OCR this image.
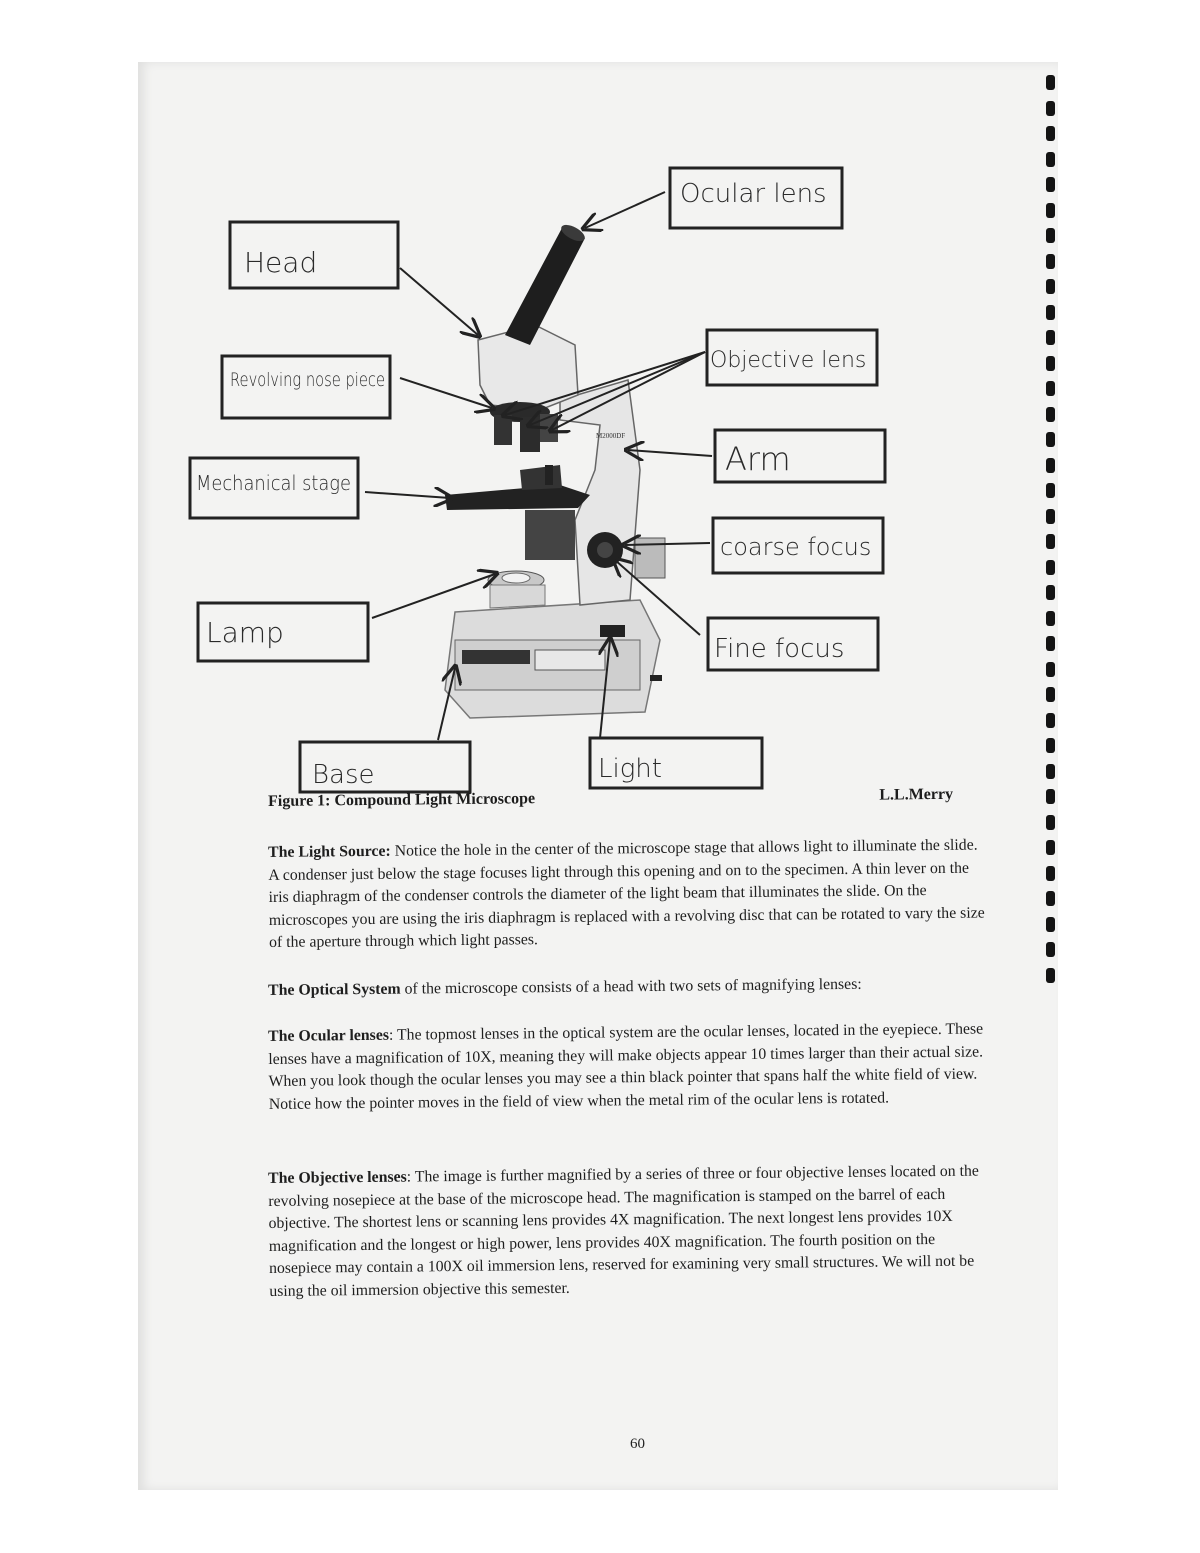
M2000DF
Ocular lens
Head
Objective lens
Revolving nose piece
Arm
Mechanical stage
coarse focus
Lamp	Fine focus
Base	Light
Figure 1: Compound Light Microscope	L.L.Merry
The Light Source: Notice the hole in the center of the microscope stage that allows light to illuminate the slide. A condenser just below the stage focuses light through this opening and on to the specimen. A thin lever on the iris diaphragm of the condenser controls the diameter of the light beam that illuminates the slide. On the microscopes you are using the iris diaphragm is replaced with a revolving disc that can be rotated to vary the size of the aperture through which light passes.
The Optical System of the microscope consists of a head with two sets of magnifying lenses:
The Ocular lenses: The topmost lenses in the optical system are the ocular lenses, located in the eyepiece. These lenses have a magnification of 10X, meaning they will make objects appear 10 times larger than their actual size. When you look though the ocular lenses you may see a thin black pointer that spans half the white field of view. Notice how the pointer moves in the field of view when the metal rim of the ocular lens is rotated.
The Objective lenses: The image is further magnified by a series of three or four objective lenses located on the revolving nosepiece at the base of the microscope head. The magnification is stamped on the barrel of each objective. The shortest lens or scanning lens provides 4X magnification. The next longest lens provides 10X magnification and the longest or high power, lens provides 40X magnification. The fourth position on the nosepiece may contain a 100X oil immersion lens, reserved for examining very small structures. We will not be using the oil immersion objective this semester.
60
